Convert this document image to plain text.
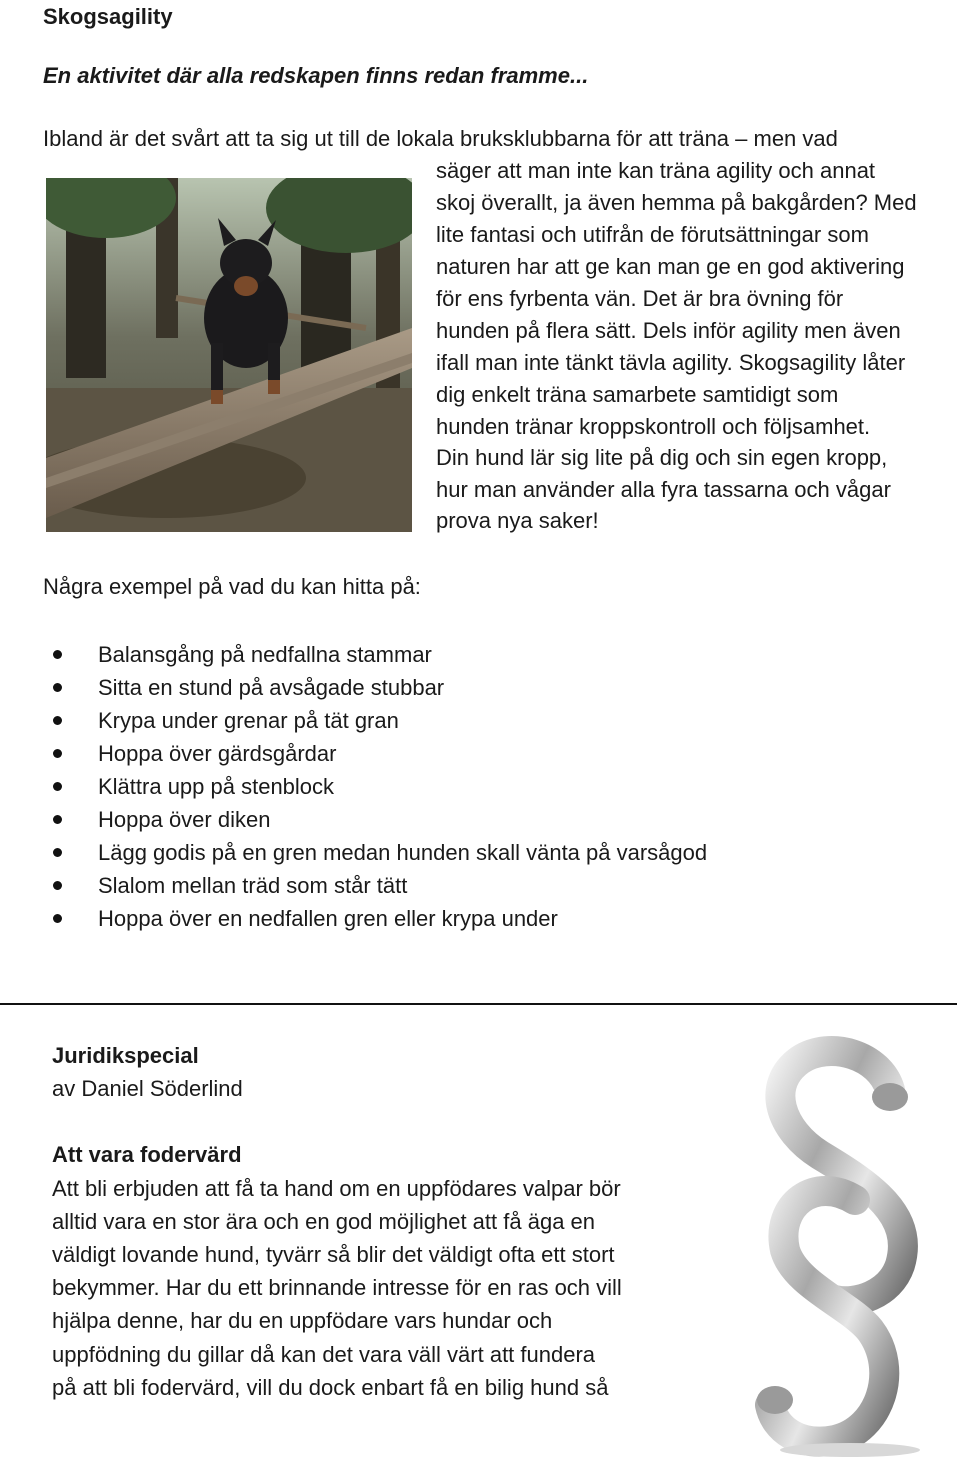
Skogsagility
En aktivitet där alla redskapen finns redan framme...
Ibland är det svårt att ta sig ut till de lokala bruksklubbarna för att träna – men vad
säger att man inte kan träna agility och annat
skoj överallt, ja även hemma på bakgården? Med
lite fantasi och utifrån de förutsättningar som
naturen har att ge kan man ge en god aktivering
för ens fyrbenta vän. Det är bra övning för
hunden på flera sätt. Dels inför agility men även
ifall man inte tänkt tävla agility. Skogsagility låter
dig enkelt träna samarbete samtidigt som
hunden tränar kroppskontroll och följsamhet.
Din hund lär sig lite på dig och sin egen kropp,
hur man använder alla fyra tassarna och vågar
prova nya saker!
Några exempel på vad du kan hitta på:
Balansgång på nedfallna stammar
Sitta en stund på avsågade stubbar
Krypa under grenar på tät gran
Hoppa över gärdsgårdar
Klättra upp på stenblock
Hoppa över diken
Lägg godis på en gren medan hunden skall vänta på varsågod
Slalom mellan träd som står tätt
Hoppa över en nedfallen gren eller krypa under
Juridikspecial
av Daniel Söderlind
Att vara fodervärd
Att bli erbjuden att få ta hand om en uppfödares valpar bör
alltid vara en stor ära och en god möjlighet att få äga en
väldigt lovande hund, tyvärr så blir det väldigt ofta ett stort
bekymmer. Har du ett brinnande intresse för en ras och vill
hjälpa denne, har du en uppfödare vars hundar och
uppfödning du gillar då kan det vara väll värt att fundera
på att bli fodervärd, vill du dock enbart få en bilig hund så
